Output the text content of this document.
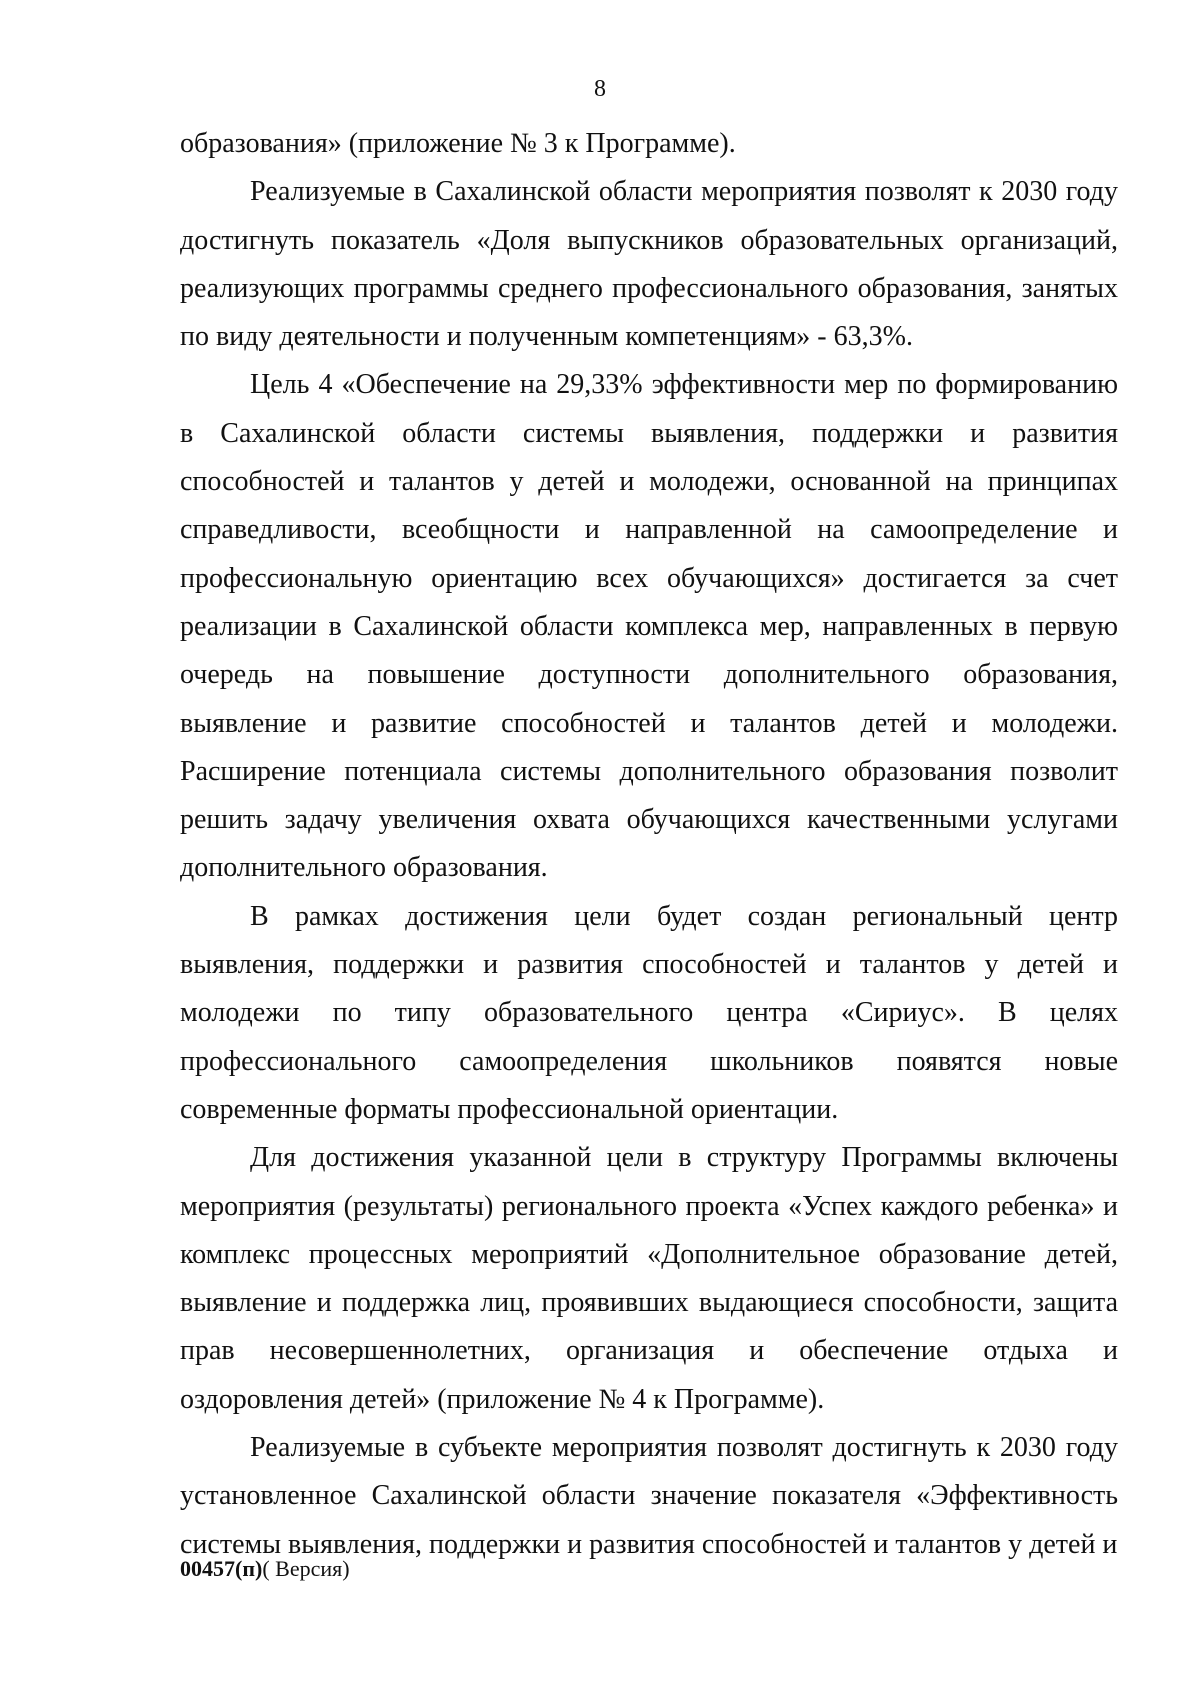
8

образования» (приложение № 3 к Программе).

Реализуемые в Сахалинской области мероприятия позволят к 2030 году достигнуть показатель «Доля выпускников образовательных организаций, реализующих программы среднего профессионального образования, занятых по виду деятельности и полученным компетенциям» - 63,3%.

Цель 4 «Обеспечение на 29,33% эффективности мер по формированию в Сахалинской области системы выявления, поддержки и развития способностей и талантов у детей и молодежи, основанной на принципах справедливости, всеобщности и направленной на самоопределение и профессиональную ориентацию всех обучающихся» достигается за счет реализации в Сахалинской области комплекса мер, направленных в первую очередь на повышение доступности дополнительного образования, выявление и развитие способностей и талантов детей и молодежи. Расширение потенциала системы дополнительного образования позволит решить задачу увеличения охвата обучающихся качественными услугами дополнительного образования.

В рамках достижения цели будет создан региональный центр выявления, поддержки и развития способностей и талантов у детей и молодежи по типу образовательного центра «Сириус». В целях профессионального самоопределения школьников появятся новые современные форматы профессиональной ориентации.

Для достижения указанной цели в структуру Программы включены мероприятия (результаты) регионального проекта «Успех каждого ребенка» и комплекс процессных мероприятий «Дополнительное образование детей, выявление и поддержка лиц, проявивших выдающиеся способности, защита прав несовершеннолетних, организация и обеспечение отдыха и оздоровления детей» (приложение № 4 к Программе).

Реализуемые в субъекте мероприятия позволят достигнуть к 2030 году установленное Сахалинской области значение показателя «Эффективность системы выявления, поддержки и развития способностей и талантов у детей и

00457(п)( Версия)
